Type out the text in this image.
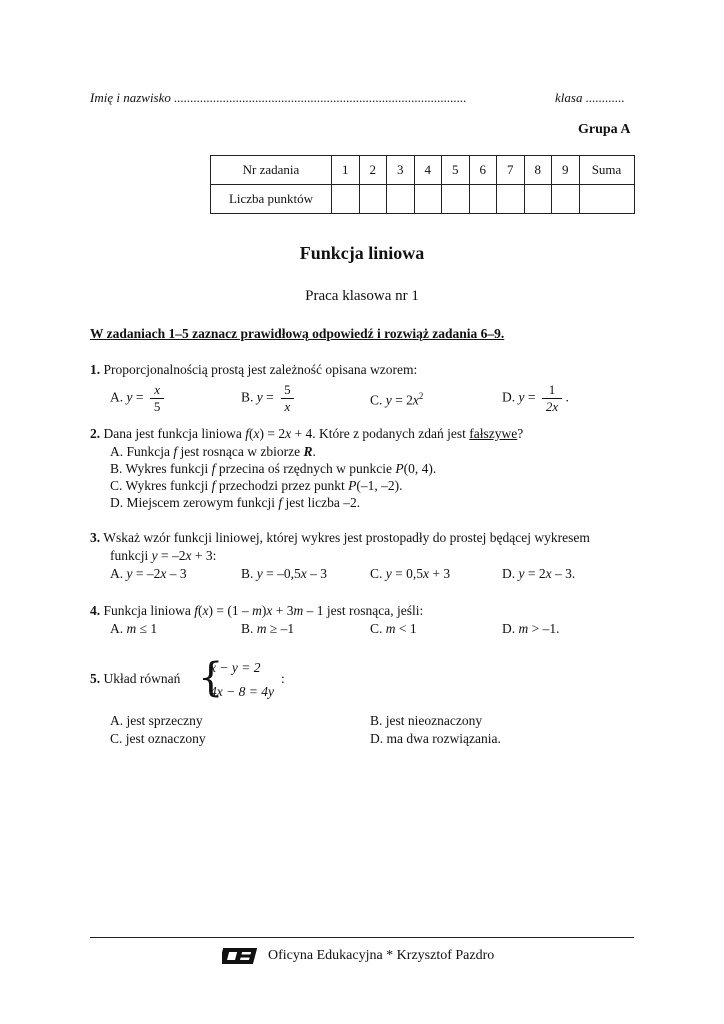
Imię i nazwisko ..........................................................................................	klasa ............
Grupa A
Nr zadania	1	2	3	4	5	6	7	8	9	Suma
Liczba punktów										
Funkcja liniowa
Praca klasowa nr 1
W zadaniach 1–5 zaznacz prawidłową odpowiedź i rozwiąż zadania 6–9.
1. Proporcjonalnością prostą jest zależność opisana wzorem:
A. $y = \frac{x}{5}$	B. $y = \frac{5}{x}$	C. $y = 2x^2$	D. $y = \frac{1}{2x}$ .
2. Dana jest funkcja liniowa f(x) = 2x + 4. Które z podanych zdań jest fałszywe?
A. Funkcja f jest rosnąca w zbiorze R.
B. Wykres funkcji f przecina oś rzędnych w punkcie P(0, 4).
C. Wykres funkcji f przechodzi przez punkt P(–1, –2).
D. Miejscem zerowym funkcji f jest liczba –2.
3. Wskaż wzór funkcji liniowej, której wykres jest prostopadły do prostej będącej wykresem
funkcji y = –2x + 3:
A. y = –2x – 3	B. y = –0,5x – 3	C. y = 0,5x + 3	D. y = 2x – 3.
4. Funkcja liniowa f(x) = (1 – m)x + 3m – 1 jest rosnąca, jeśli:
A. m ≤ 1	B. m ≥ –1	C. m < 1	D. m > –1.
5. Układ równań {
x − y = 2
4x − 8 = 4y
:
A. jest sprzeczny	B. jest nieoznaczony
C. jest oznaczony	D. ma dwa rozwiązania.
Oficyna Edukacyjna * Krzysztof Pazdro
